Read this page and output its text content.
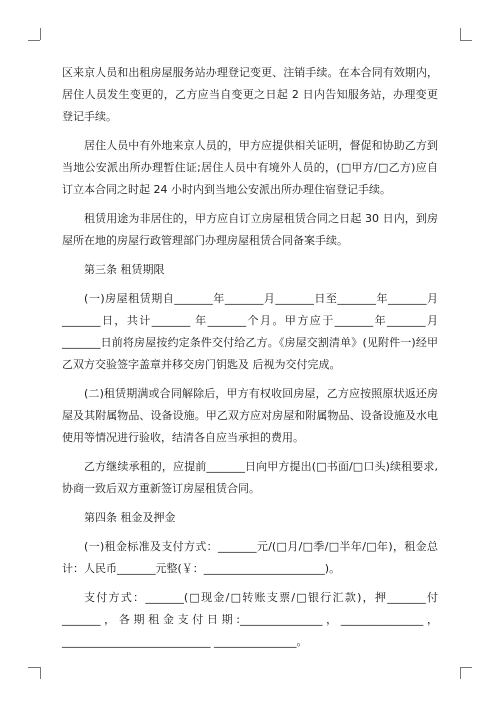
区来京人员和出租房屋服务站办理登记变更、注销手续。在本合同有效期内，居住人员发生变更的，乙方应当自变更之日起 2 日内告知服务站，办理变更登记手续。

居住人员中有外地来京人员的，甲方应提供相关证明，督促和协助乙方到当地公安派出所办理暂住证;居住人员中有境外人员的，(□甲方/□乙方)应自订立本合同之时起 24 小时内到当地公安派出所办理住宿登记手续。

租赁用途为非居住的，甲方应自订立房屋租赁合同之日起 30 日内，到房屋所在地的房屋行政管理部门办理房屋租赁合同备案手续。

第三条 租赁期限

(一)房屋租赁期自_______年_______月_______日至_______年_______月_______日，共计_______ 年_______个月。甲方应于_______年_______月_______日前将房屋按约定条件交付给乙方。《房屋交割清单》(见附件一)经甲乙双方交验签字盖章并移交房门钥匙及 后视为交付完成。

(二)租赁期满或合同解除后，甲方有权收回房屋，乙方应按照原状返还房屋及其附属物品、设备设施。甲乙双方应对房屋和附属物品、设备设施及水电使用等情况进行验收，结清各自应当承担的费用。

乙方继续承租的，应提前_______日向甲方提出(□书面/□口头)续租要求,协商一致后双方重新签订房屋租赁合同。

第四条 租金及押金

(一)租金标准及支付方式：_______元/(□月/□季/□半年/□年)，租金总计：人民币_______元整(￥：______________________)。

支付方式：_______(□现金/□转账支票/□银行汇款)，押_______付_______，各期租金支付日期:_______________，_______________，___________________________ _______________。
